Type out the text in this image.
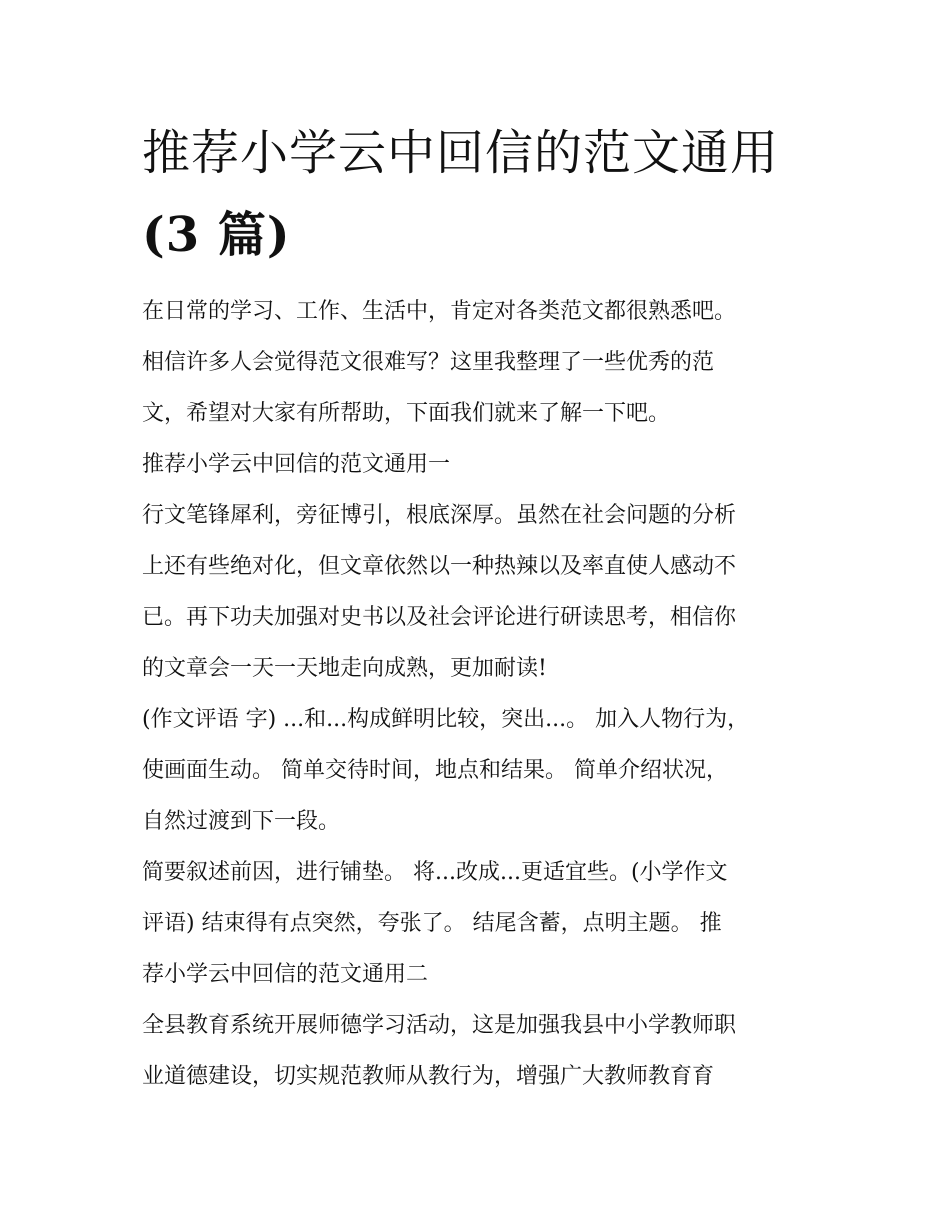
推荐小学云中回信的范文通用
(3 篇)

在日常的学习、工作、生活中，肯定对各类范文都很熟悉吧。
相信许多人会觉得范文很难写？这里我整理了一些优秀的范
文，希望对大家有所帮助，下面我们就来了解一下吧。

推荐小学云中回信的范文通用一

行文笔锋犀利，旁征博引，根底深厚。虽然在社会问题的分析
上还有些绝对化，但文章依然以一种热辣以及率直使人感动不
已。再下功夫加强对史书以及社会评论进行研读思考，相信你
的文章会一天一天地走向成熟，更加耐读!

(作文评语 字) ...和...构成鲜明比较，突出...。 加入人物行为，
使画面生动。 简单交待时间，地点和结果。 简单介绍状况，
自然过渡到下一段。

简要叙述前因，进行铺垫。 将...改成...更适宜些。(小学作文
评语) 结束得有点突然，夸张了。 结尾含蓄，点明主题。 推
荐小学云中回信的范文通用二

全县教育系统开展师德学习活动，这是加强我县中小学教师职
业道德建设，切实规范教师从教行为，增强广大教师教育育
